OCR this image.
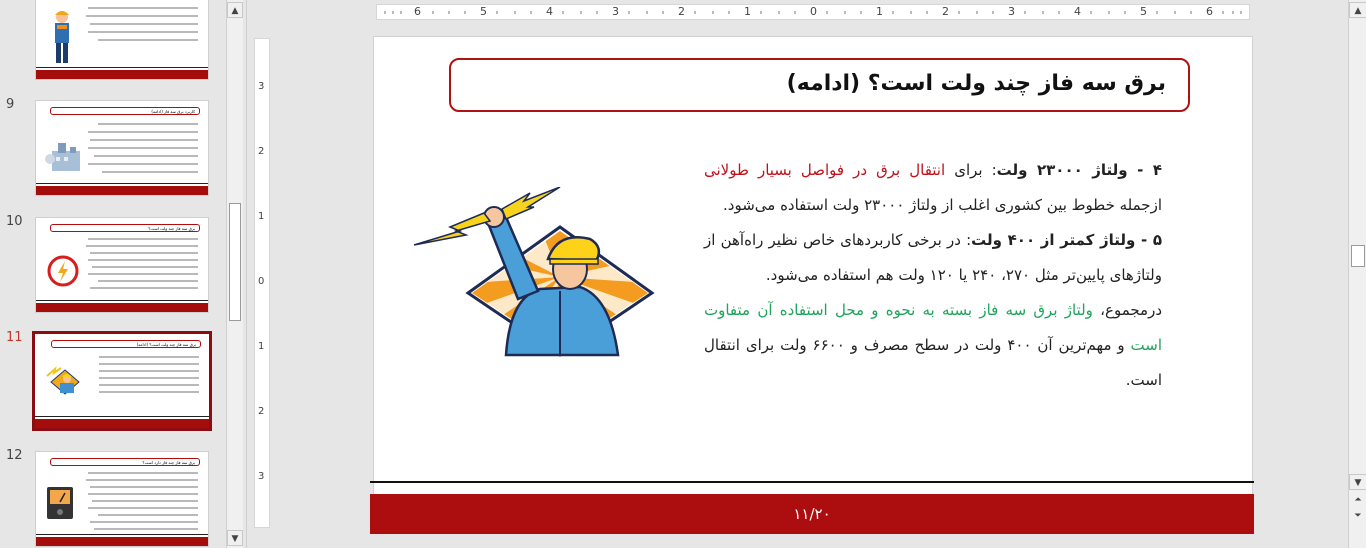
9	کاربرد برق سه فاز (ادامه)
10	برق سه فاز چند ولت است؟
11	برق سه فاز چند ولت است؟ (ادامه)
12	برق سه فاز چند فاز دارد است؟
▲
▼
6	5	4	3	2	1	0	1	2	3	4	5	6
3
2
1
0
1
2
3
برق سه فاز چند ولت است؟ (ادامه)

۴ - ولتاژ ۲۳۰۰۰ ولت: برای انتقال برق در فواصل بسیار طولانی ازجمله خطوط بین کشوری اغلب از ولتاژ ۲۳۰۰۰ ولت استفاده می‌شود.

۵ - ولتاژ کمتر از ۴۰۰ ولت: در برخی کاربردهای خاص نظیر راه‌آهن از ولتاژهای پایین‌تر مثل ۲۷۰، ۲۴۰ یا ۱۲۰ ولت هم استفاده می‌شود.

درمجموع، ولتاژ برق سه فاز بسته به نحوه و محل استفاده آن متفاوت است و مهم‌ترین آن ۴۰۰ ولت در سطح مصرف و ۶۶۰۰ ولت برای انتقال است.

۱۱/۲۰
▲
▼
⏶
⏷
